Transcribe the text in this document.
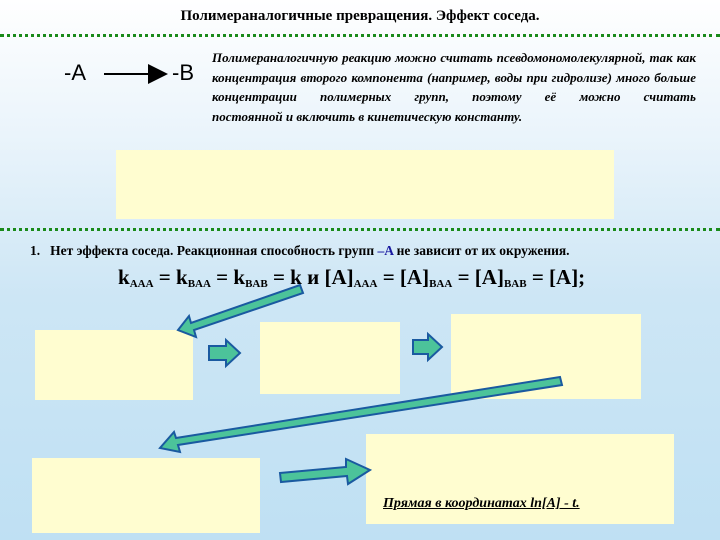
Полимераналогичные превращения. Эффект соседа.
-A	-B
Полимераналогичную реакцию можно считать псевдомономолекулярной, так как концентрация второго компонента (например, воды при гидролизе) много больше концентрации полимерных групп, поэтому её можно считать
постоянной и включить в кинетическую константу.
1. Нет эффекта соседа. Реакционная способность групп –A не зависит от их окружения.
$k_{AAA} = k_{BAA} = k_{BAB} = k$ и $[A]_{AAA} = [A]_{BAA} = [A]_{BAB} = [A]$;
Прямая в координатах ln[A] - t.
